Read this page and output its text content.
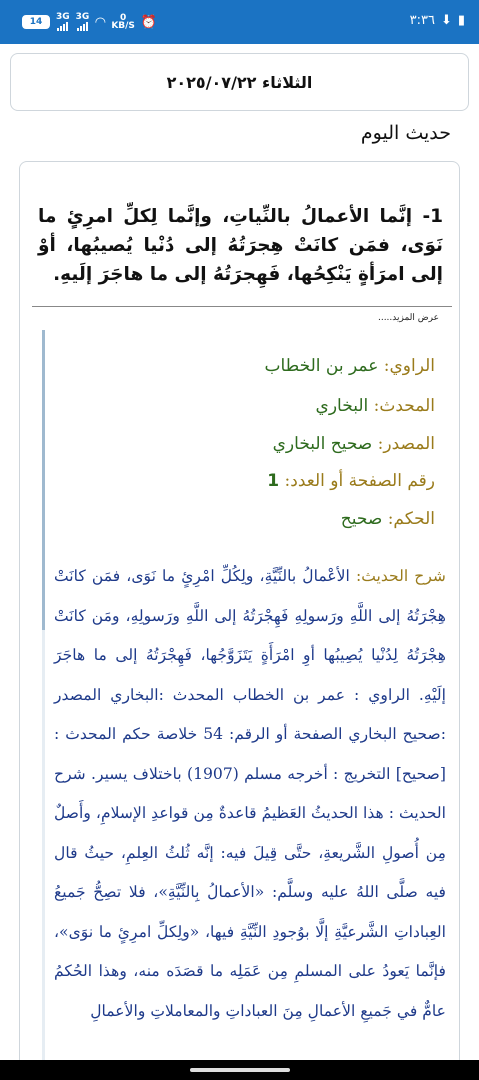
٣:٣٦ ⬇ ▮
14 3G 3G ◠ 0
KB/S ⏰
الثلاثاء ٢٠٢٥/٠٧/٢٢
حديث اليوم
1- إنَّما الأعمالُ بالنِّياتِ، وإنَّما لِكلِّ امرِئٍ ما نَوَى، فمَن كانَتْ هِجرَتُهُ إلى دُنْيا يُصيبُها، أوْ إلى امرَأةٍ يَنْكِحُها، فَهِجرَتُهُ إلى ما هاجَرَ إلَيهِ.
عرض المزيد.....
الراوي: عمر بن الخطاب
المحدث: البخاري
المصدر: صحيح البخاري
رقم الصفحة أو العدد: 1
الحكم: صحيح
شرح الحديث: الأعْمالُ بالنِّيَّةِ، ولِكُلِّ امْرِئٍ ما نَوَى، فمَن كانَتْ هِجْرَتُهُ إلى اللَّهِ ورَسولِهِ فَهِجْرَتُهُ إلى اللَّهِ ورَسولِهِ، ومَن كانَتْ هِجْرَتُهُ لِدُنْيا يُصِيبُها أوِ امْرَأَةٍ يَتَزَوَّجُها، فَهِجْرَتُهُ إلى ما هاجَرَ إلَيْهِ. الراوي : عمر بن الخطاب المحدث :البخاري المصدر :صحيح البخاري الصفحة أو الرقم: 54 خلاصة حكم المحدث : [صحيح] التخريج : أخرجه مسلم (1907) باختلاف يسير. شرح الحديث : هذا الحديثُ العَظيمُ قاعدةٌ مِن قواعدِ الإسلامِ، وأَصلٌ مِن أُصولِ الشَّريعةِ، حتَّى قِيلَ فيه: إنَّه ثُلثُ العِلمِ، حيثُ قال فيه صلَّى اللهُ عليه وسلَّم: «الأعمالُ بِالنِّيَّةِ»، فلا تصِحُّ جَميعُ العِباداتِ الشَّرعيَّةِ إلَّا بوُجودِ النِّيَّةِ فيها، «ولِكلِّ امرِئٍ ما نوَى»، فإنَّما يَعودُ على المسلمِ مِن عَمَلِه ما قصَدَه منه، وهذا الحُكمُ عامٌّ في جَميعِ الأعمالِ مِنَ العباداتِ والمعاملاتِ والأعمالِ
